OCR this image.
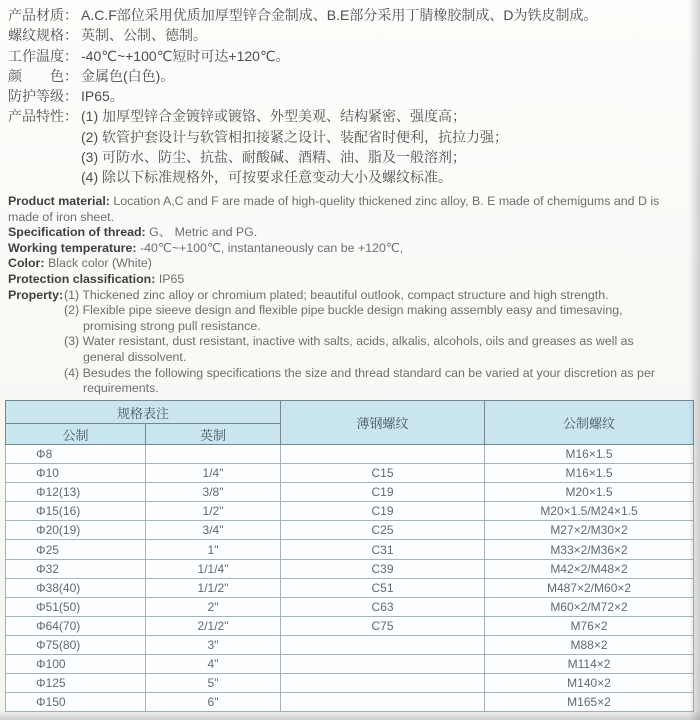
产品材质： A.C.F部位采用优质加厚型锌合金制成、B.E部分采用丁腈橡胶制成、D为铁皮制成。
螺纹规格： 英制、公制、德制。
工作温度： -40℃~+100℃短时可达+120℃。
颜　　色： 金属色(白色)。
防护等级： IP65。
产品特性： (1) 加厚型锌合金镀锌或镀铬、外型美观、结构紧密、强度高；
(2) 软管护套设计与软管相扣接紧之设计、装配省时便利，抗拉力强；
(3) 可防水、防尘、抗盐、耐酸碱、酒精、油、脂及一般溶剂；
(4) 除以下标准规格外，可按要求任意变动大小及螺纹标准。

Product material: Location A,C and F are made of high-quelity thickened zinc alloy, B. E made of chemigums and D is made of iron sheet.

Specification of thread: G、 Metric and PG.

Working temperature: -40℃~+100℃, instantaneously can be +120℃,

Color: Black color (White)

Protection classification: IP65

Property: (1) Thickened zinc alloy or chromium plated; beautiful outlook, compact structure and high strength.

(2) Flexible pipe sieeve design and flexible pipe buckle design making assembly easy and timesaving, promising strong pull resistance.

(3) Water resistant, dust resistant, inactive with salts, acids, alkalis, alcohols, oils and greases as well as general dissolvent.

(4) Besudes the following specifications the size and thread standard can be varied at your discretion as per requirements.

规格表注		薄钢螺纹	公制螺纹
公制	英制		
Φ8			M16×1.5
Φ10	1/4"	C15	M16×1.5
Φ12(13)	3/8"	C19	M20×1.5
Φ15(16)	1/2"	C19	M20×1.5/M24×1.5
Φ20(19)	3/4"	C25	M27×2/M30×2
Φ25	1"	C31	M33×2/M36×2
Φ32	1/1/4"	C39	M42×2/M48×2
Φ38(40)	1/1/2"	C51	M487×2/M60×2
Φ51(50)	2"	C63	M60×2/M72×2
Φ64(70)	2/1/2"	C75	M76×2
Φ75(80)	3"		M88×2
Φ100	4"		M114×2
Φ125	5"		M140×2
Φ150	6"		M165×2
